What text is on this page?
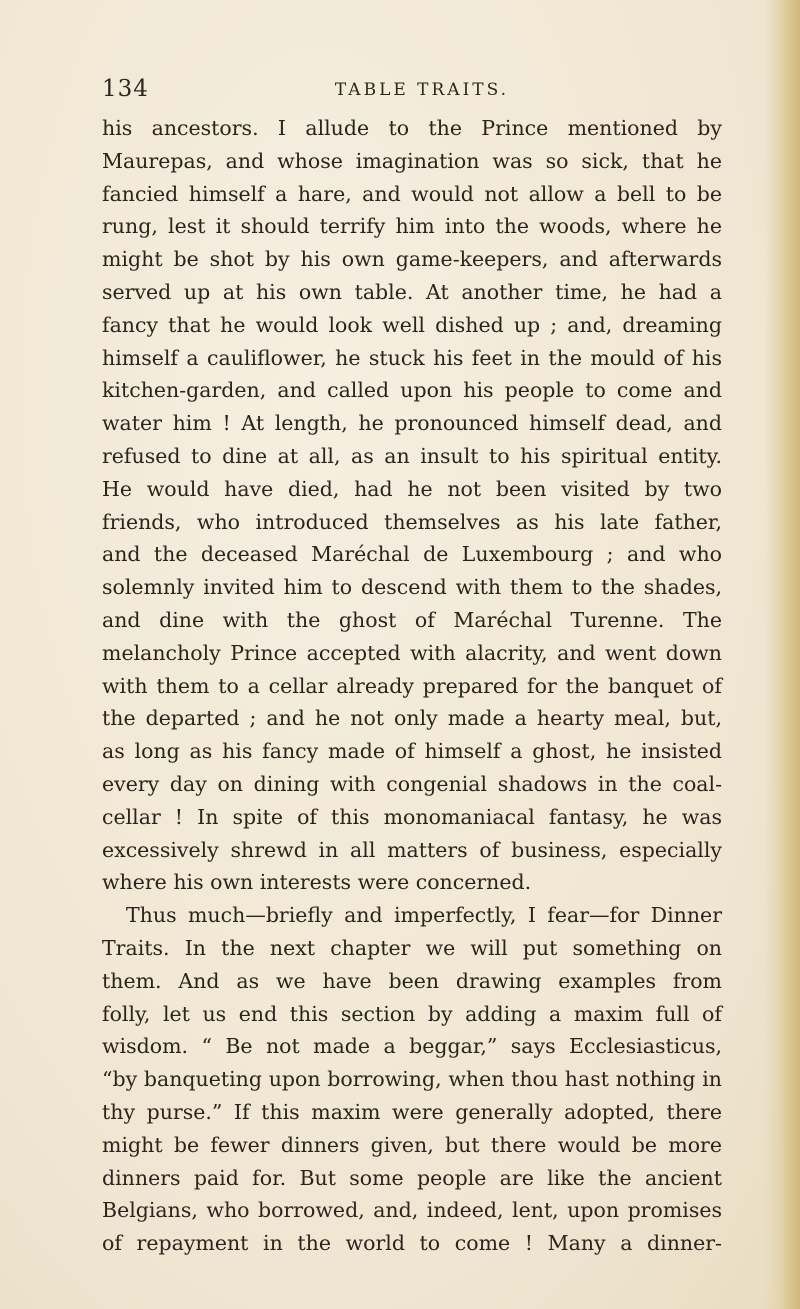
134	TABLE TRAITS.
his ancestors. I allude to the Prince mentioned by
Maurepas, and whose imagination was so sick, that he
fancied himself a hare, and would not allow a bell to be
rung, lest it should terrify him into the woods, where he
might be shot by his own game-keepers, and afterwards
served up at his own table. At another time, he had a
fancy that he would look well dished up ; and, dreaming
himself a cauliflower, he stuck his feet in the mould of his
kitchen-garden, and called upon his people to come and
water him ! At length, he pronounced himself dead, and
refused to dine at all, as an insult to his spiritual entity.
He would have died, had he not been visited by two
friends, who introduced themselves as his late father,
and the deceased Maréchal de Luxembourg ; and who
solemnly invited him to descend with them to the shades,
and dine with the ghost of Maréchal Turenne. The
melancholy Prince accepted with alacrity, and went down
with them to a cellar already prepared for the banquet of
the departed ; and he not only made a hearty meal, but,
as long as his fancy made of himself a ghost, he insisted
every day on dining with congenial shadows in the coal-
cellar ! In spite of this monomaniacal fantasy, he was
excessively shrewd in all matters of business, especially
where his own interests were concerned.
Thus much—briefly and imperfectly, I fear—for Dinner
Traits. In the next chapter we will put something on
them. And as we have been drawing examples from
folly, let us end this section by adding a maxim full of
wisdom. “ Be not made a beggar,” says Ecclesiasticus,
“by banqueting upon borrowing, when thou hast nothing in
thy purse.” If this maxim were generally adopted, there
might be fewer dinners given, but there would be more
dinners paid for. But some people are like the ancient
Belgians, who borrowed, and, indeed, lent, upon promises
of repayment in the world to come ! Many a dinner-
